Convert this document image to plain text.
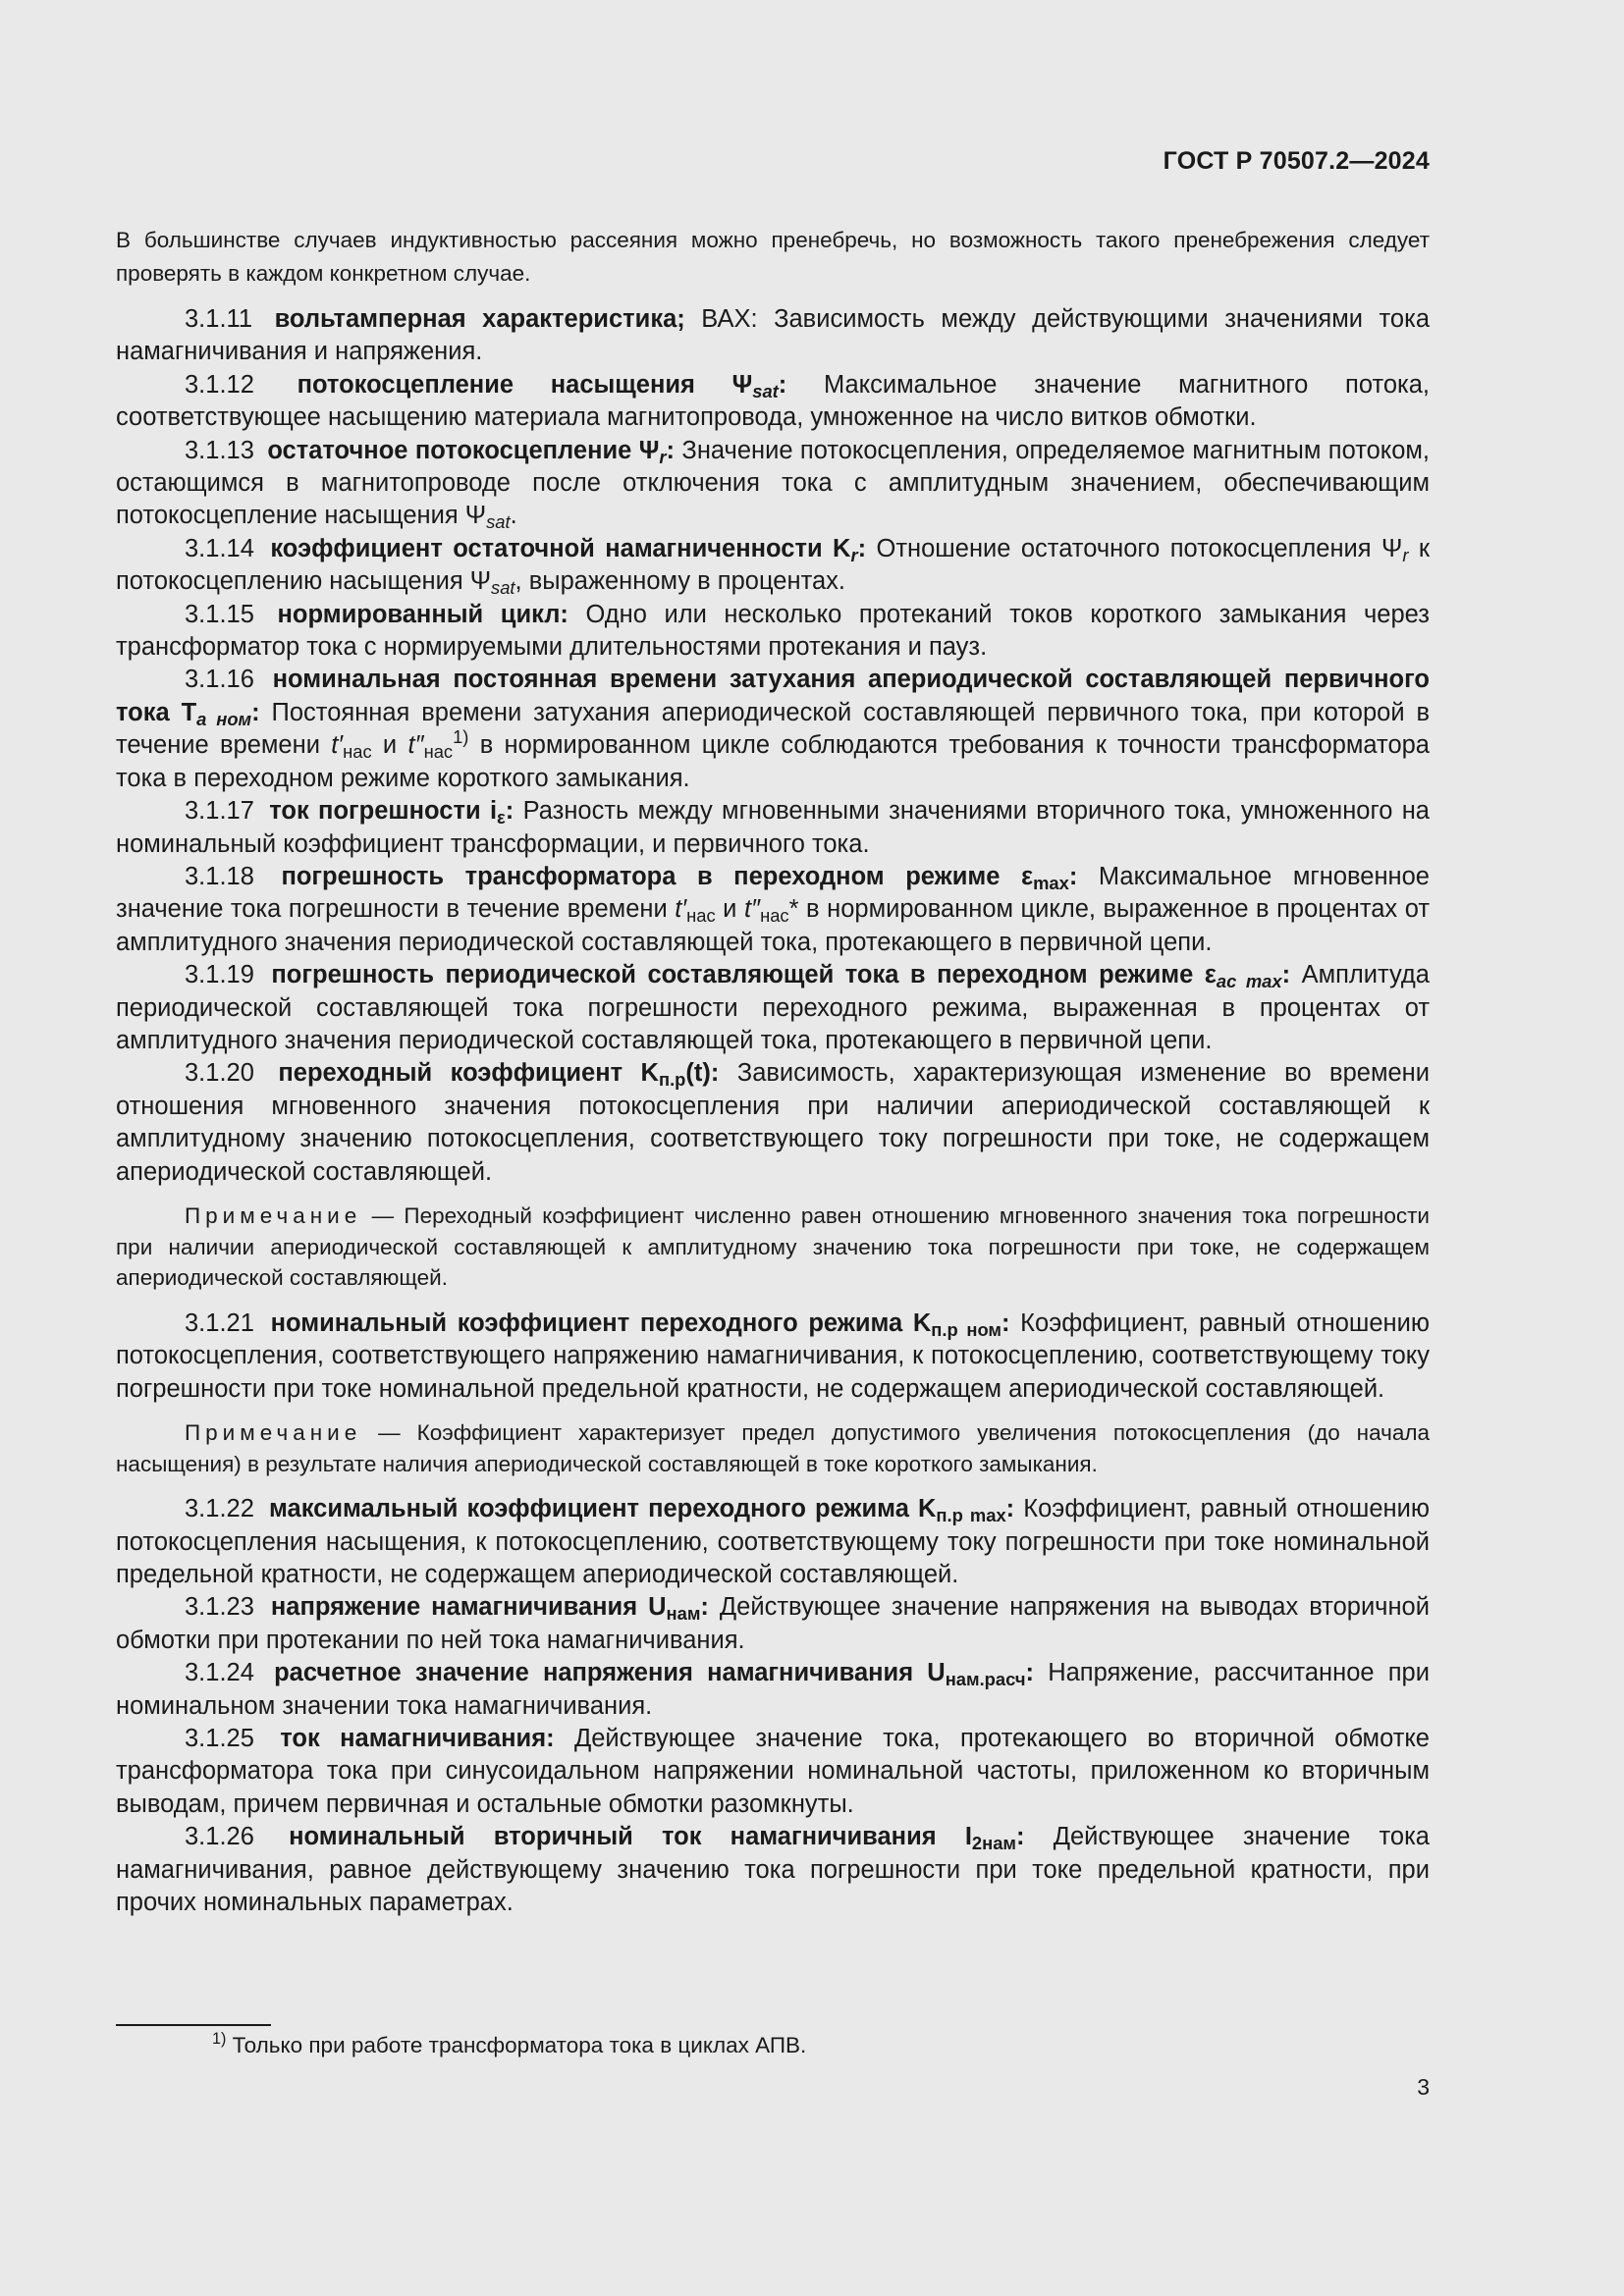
ГОСТ Р 70507.2—2024

В большинстве случаев индуктивностью рассеяния можно пренебречь, но возможность такого пренебрежения следует проверять в каждом конкретном случае.

3.1.11 вольтамперная характеристика; ВАХ: Зависимость между действующими значениями тока намагничивания и напряжения.

3.1.12 потокосцепление насыщения $\Psi_{sat}$: Максимальное значение магнитного потока, соответствующее насыщению материала магнитопровода, умноженное на число витков обмотки.

3.1.13 остаточное потокосцепление $\Psi_r$: Значение потокосцепления, определяемое магнитным потоком, остающимся в магнитопроводе после отключения тока с амплитудным значением, обеспечивающим потокосцепление насыщения $\Psi_{sat}$.

3.1.14 коэффициент остаточной намагниченности $K_r$: Отношение остаточного потокосцепления $\Psi_r$ к потокосцеплению насыщения $\Psi_{sat}$, выраженному в процентах.

3.1.15 нормированный цикл: Одно или несколько протеканий токов короткого замыкания через трансформатор тока с нормируемыми длительностями протекания и пауз.

3.1.16 номинальная постоянная времени затухания апериодической составляющей первичного тока $T_{a ном}$: Постоянная времени затухания апериодической составляющей первичного тока, при которой в течение времени $t'_{нас}$ и $t''_{нас}^{1)}$ в нормированном цикле соблюдаются требования к точности трансформатора тока в переходном режиме короткого замыкания.

3.1.17 ток погрешности $i_\varepsilon$: Разность между мгновенными значениями вторичного тока, умноженного на номинальный коэффициент трансформации, и первичного тока.

3.1.18 погрешность трансформатора в переходном режиме $\varepsilon_{max}$: Максимальное мгновенное значение тока погрешности в течение времени $t'_{нас}$ и $t''_{нас}*$ в нормированном цикле, выраженное в процентах от амплитудного значения периодической составляющей тока, протекающего в первичной цепи.

3.1.19 погрешность периодической составляющей тока в переходном режиме $\varepsilon_{ac max}$: Амплитуда периодической составляющей тока погрешности переходного режима, выраженная в процентах от амплитудного значения периодической составляющей тока, протекающего в первичной цепи.

3.1.20 переходный коэффициент $K_{п.р}(t)$: Зависимость, характеризующая изменение во времени отношения мгновенного значения потокосцепления при наличии апериодической составляющей к амплитудному значению потокосцепления, соответствующего току погрешности при токе, не содержащем апериодической составляющей.

Примечание — Переходный коэффициент численно равен отношению мгновенного значения тока погрешности при наличии апериодической составляющей к амплитудному значению тока погрешности при токе, не содержащем апериодической составляющей.

3.1.21 номинальный коэффициент переходного режима $K_{п.р ном}$: Коэффициент, равный отношению потокосцепления, соответствующего напряжению намагничивания, к потокосцеплению, соответствующему току погрешности при токе номинальной предельной кратности, не содержащем апериодической составляющей.

Примечание — Коэффициент характеризует предел допустимого увеличения потокосцепления (до начала насыщения) в результате наличия апериодической составляющей в токе короткого замыкания.

3.1.22 максимальный коэффициент переходного режима $K_{п.р max}$: Коэффициент, равный отношению потокосцепления насыщения, к потокосцеплению, соответствующему току погрешности при токе номинальной предельной кратности, не содержащем апериодической составляющей.

3.1.23 напряжение намагничивания $U_{нам}$: Действующее значение напряжения на выводах вторичной обмотки при протекании по ней тока намагничивания.

3.1.24 расчетное значение напряжения намагничивания $U_{нам.расч}$: Напряжение, рассчитанное при номинальном значении тока намагничивания.

3.1.25 ток намагничивания: Действующее значение тока, протекающего во вторичной обмотке трансформатора тока при синусоидальном напряжении номинальной частоты, приложенном ко вторичным выводам, причем первичная и остальные обмотки разомкнуты.

3.1.26 номинальный вторичный ток намагничивания $I_{2нам}$: Действующее значение тока намагничивания, равное действующему значению тока погрешности при токе предельной кратности, при прочих номинальных параметрах.

$^{1)}$ Только при работе трансформатора тока в циклах АПВ.
3
